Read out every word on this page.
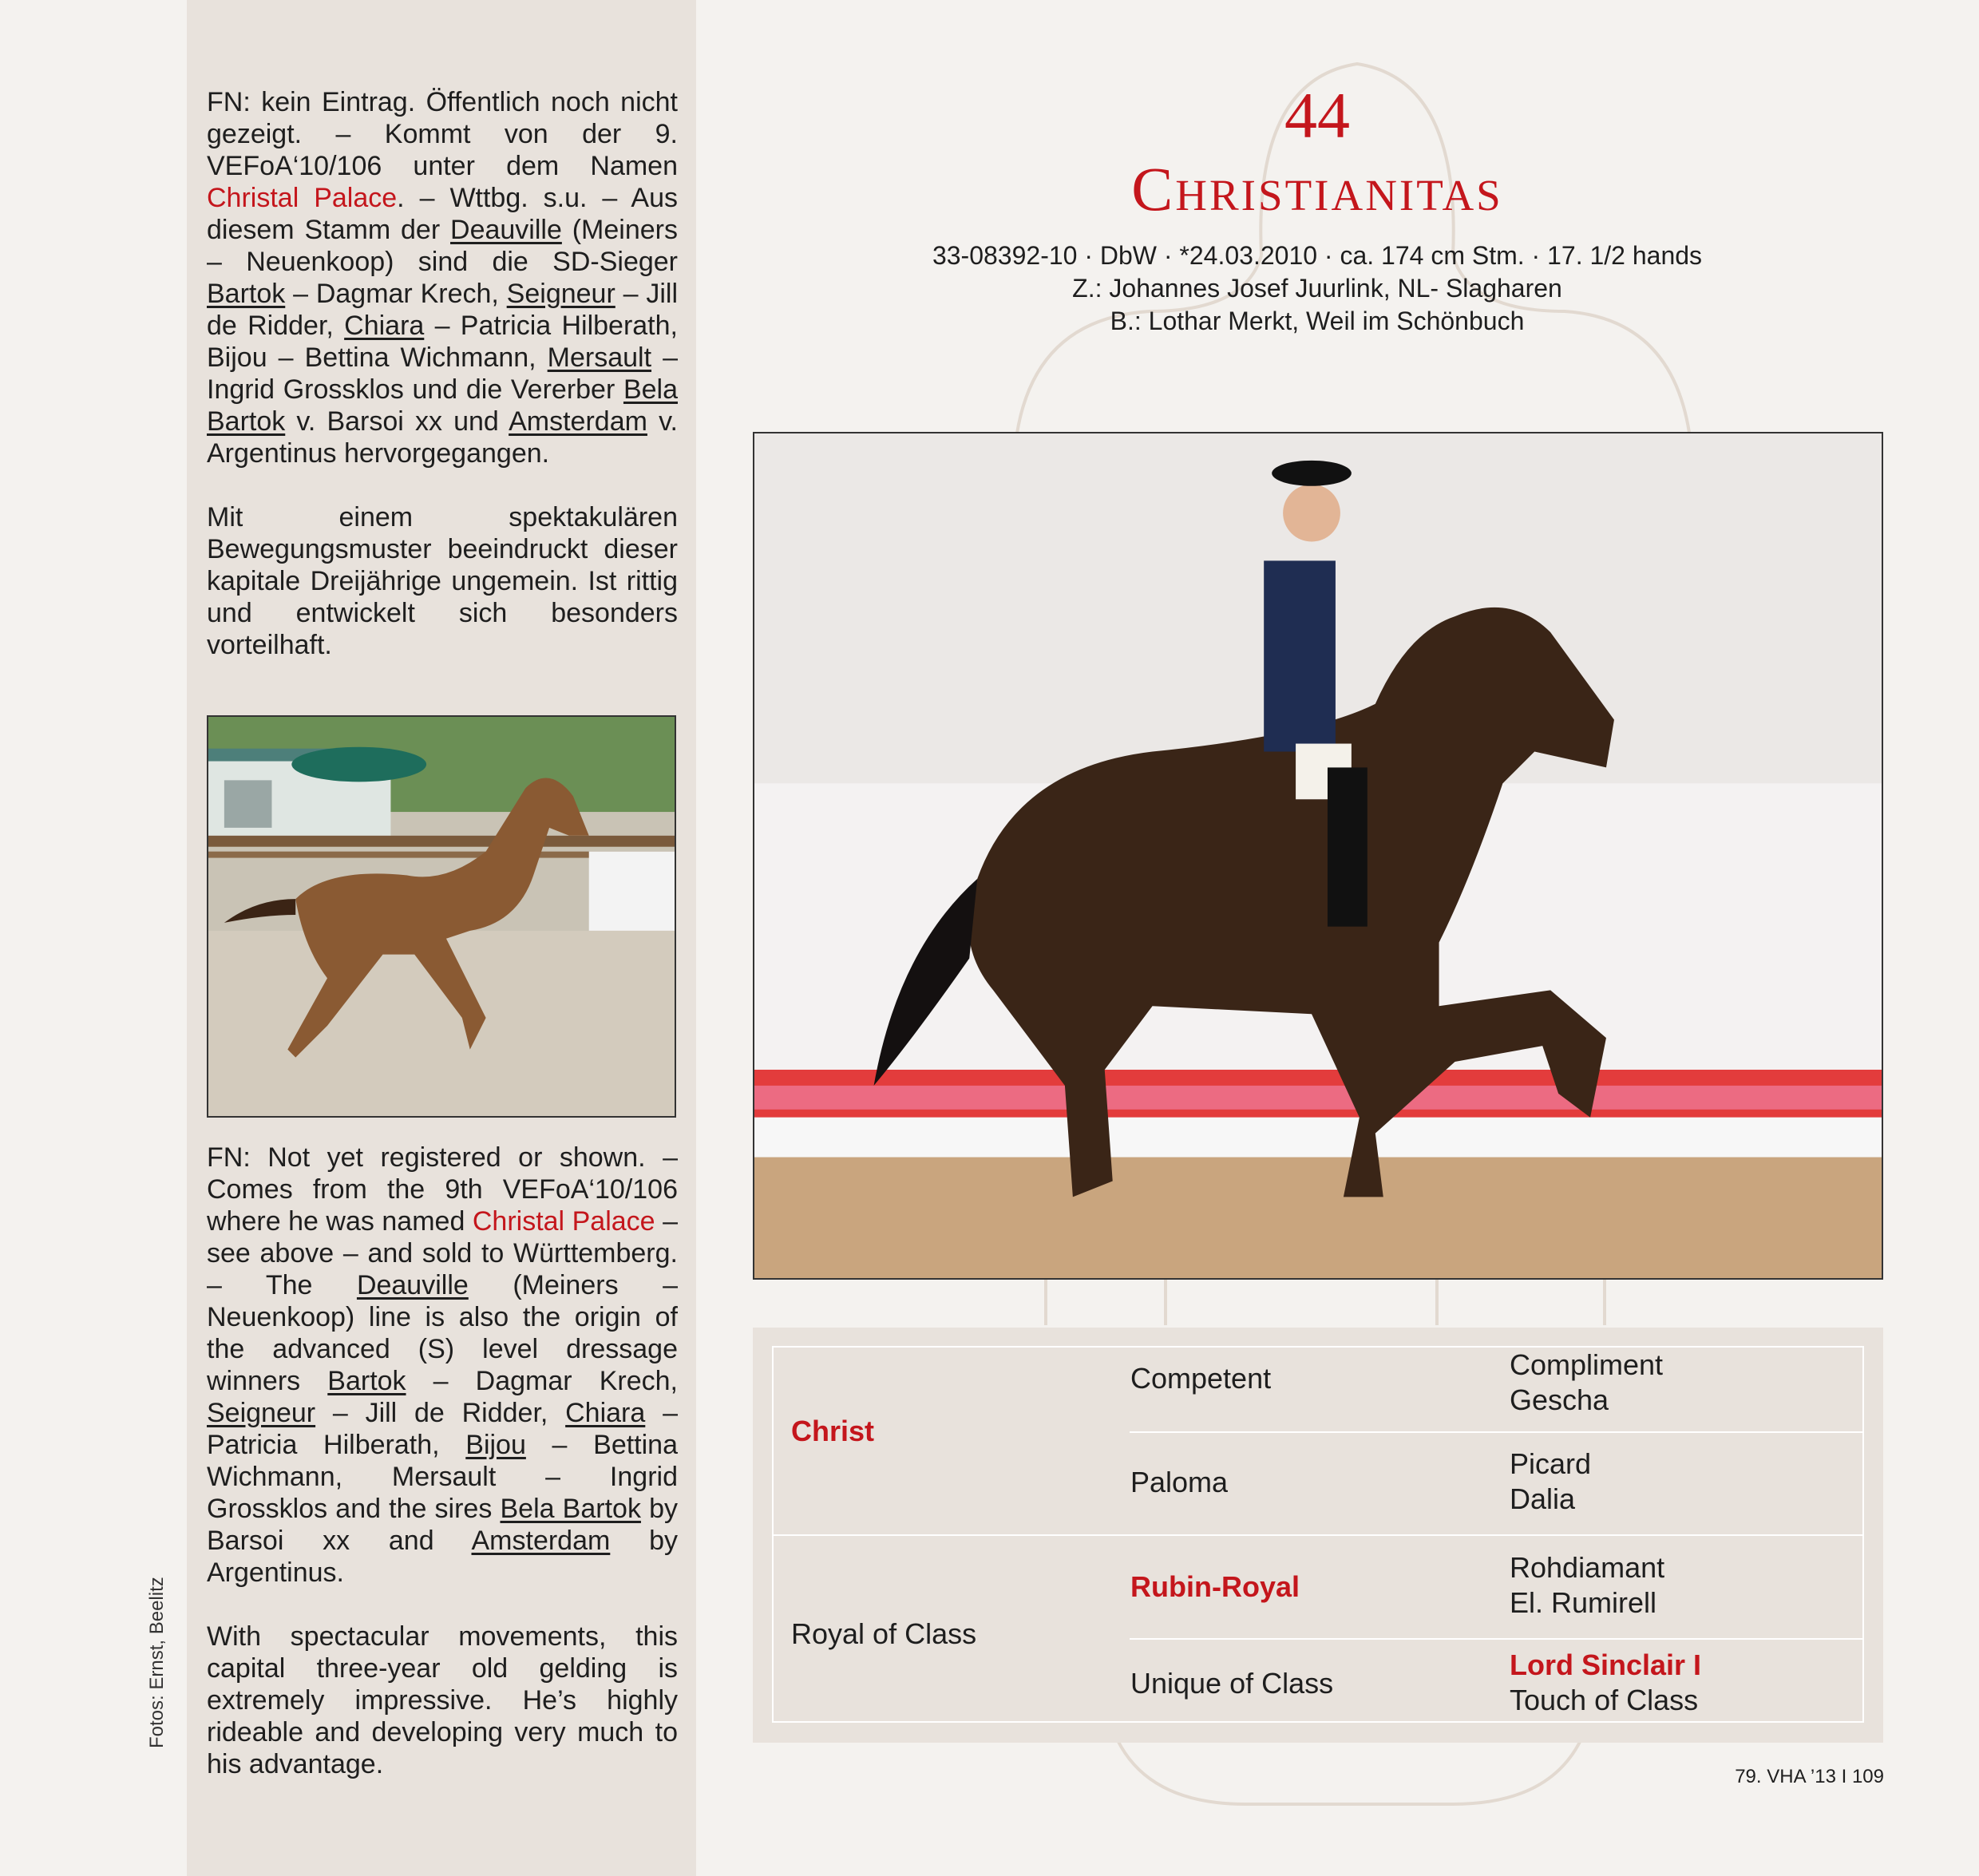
FN: kein Eintrag. Öffentlich noch nicht gezeigt. – Kommt von der 9. VEFoA‘10/106 unter dem Namen Christal Palace. – Wttbg. s.u. – Aus diesem Stamm der Deauville (Meiners – Neuenkoop) sind die SD-Sieger Bartok – Dagmar Krech, Seigneur – Jill de Ridder, Chiara – Patricia Hilberath, Bijou – Bettina Wichmann, Mersault – Ingrid Grossklos und die Vererber Bela Bartok v. Barsoi xx und Amsterdam v. Argentinus hervorgegangen.

Mit einem spektakulären Bewegungsmuster beeindruckt dieser kapitale Dreijährige ungemein. Ist rittig und entwickelt sich besonders vorteilhaft.

FN: Not yet registered or shown. – Comes from the 9th VEFoA‘10/106 where he was named Christal Palace – see above – and sold to Württemberg. – The Deauville (Meiners – Neuenkoop) line is also the origin of the advanced (S) level dressage winners Bartok – Dagmar Krech, Seigneur – Jill de Ridder, Chiara – Patricia Hilberath, Bijou – Bettina Wichmann, Mersault – Ingrid Grossklos and the sires Bela Bartok by Barsoi xx and Amsterdam by Argentinus.

With spectacular movements, this capital three-year old gelding is extremely impressive. He’s highly rideable and developing very much to his advantage.

Fotos: Ernst, Beelitz
44
Christianitas
33-08392-10 · DbW · *24.03.2010 · ca. 174 cm Stm. · 17. 1/2 hands
Z.: Johannes Josef Juurlink, NL- Slagharen
B.: Lothar Merkt, Weil im Schönbuch
Christ
Royal of Class
Competent
Paloma
Rubin-Royal
Unique of Class
Compliment
Gescha
Picard
Dalia
Rohdiamant
El. Rumirell
Lord Sinclair I
Touch of Class
79. VHA ’13 I 109
